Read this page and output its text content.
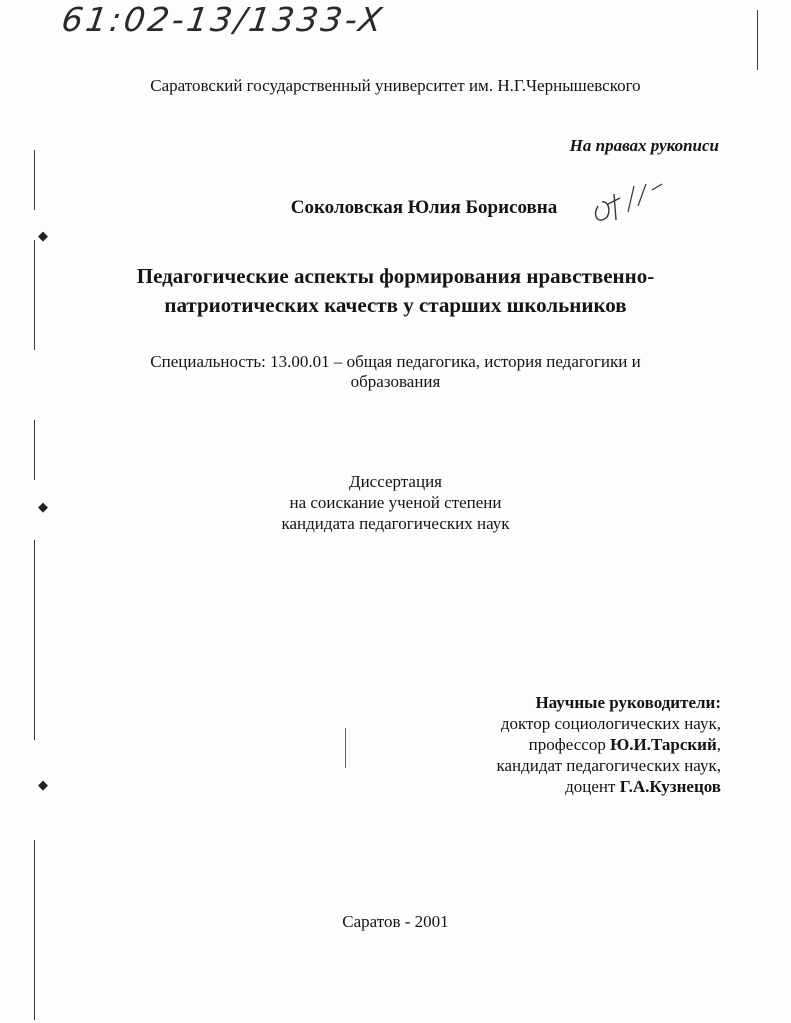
61:02-13/1333-X
Саратовский государственный университет им. Н.Г.Чернышевского
На правах рукописи
Соколовская Юлия Борисовна
Педагогические аспекты формирования нравственно-
патриотических качеств у старших школьников
Специальность: 13.00.01 – общая педагогика, история педагогики и
образования
Диссертация
на соискание ученой степени
кандидата педагогических наук
Научные руководители:
доктор социологических наук,
профессор Ю.И.Тарский,
кандидат педагогических наук,
доцент Г.А.Кузнецов
Саратов - 2001
◆
◆
◆
